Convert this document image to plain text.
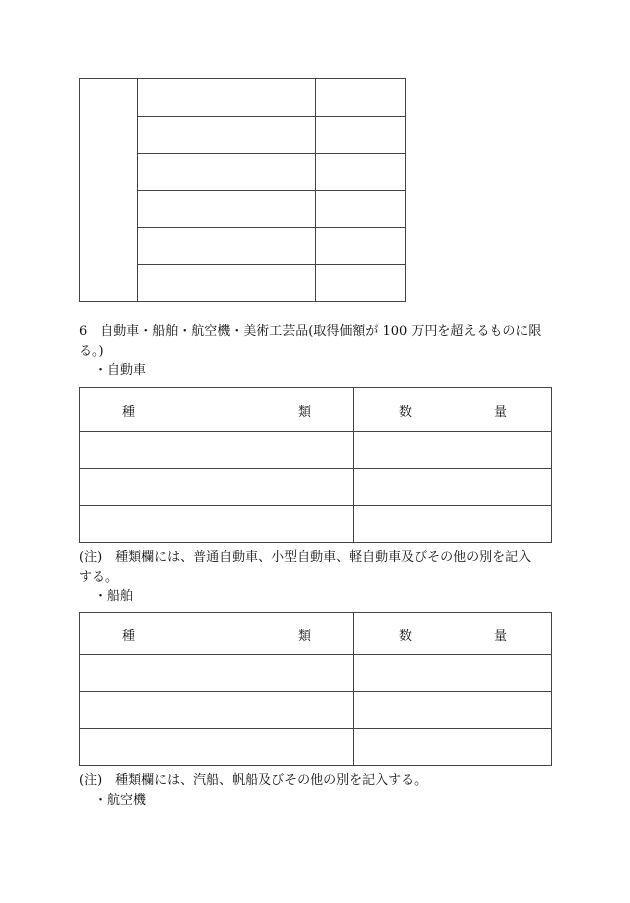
6　自動車・船舶・航空機・美術工芸品(取得価額が 100 万円を超えるものに限
る。)
・自動車
種 類	数 量

(注)　種類欄には、普通自動車、小型自動車、軽自動車及びその他の別を記入
する。
・船舶
種 類	数 量

(注)　種類欄には、汽船、帆船及びその他の別を記入する。
・航空機
